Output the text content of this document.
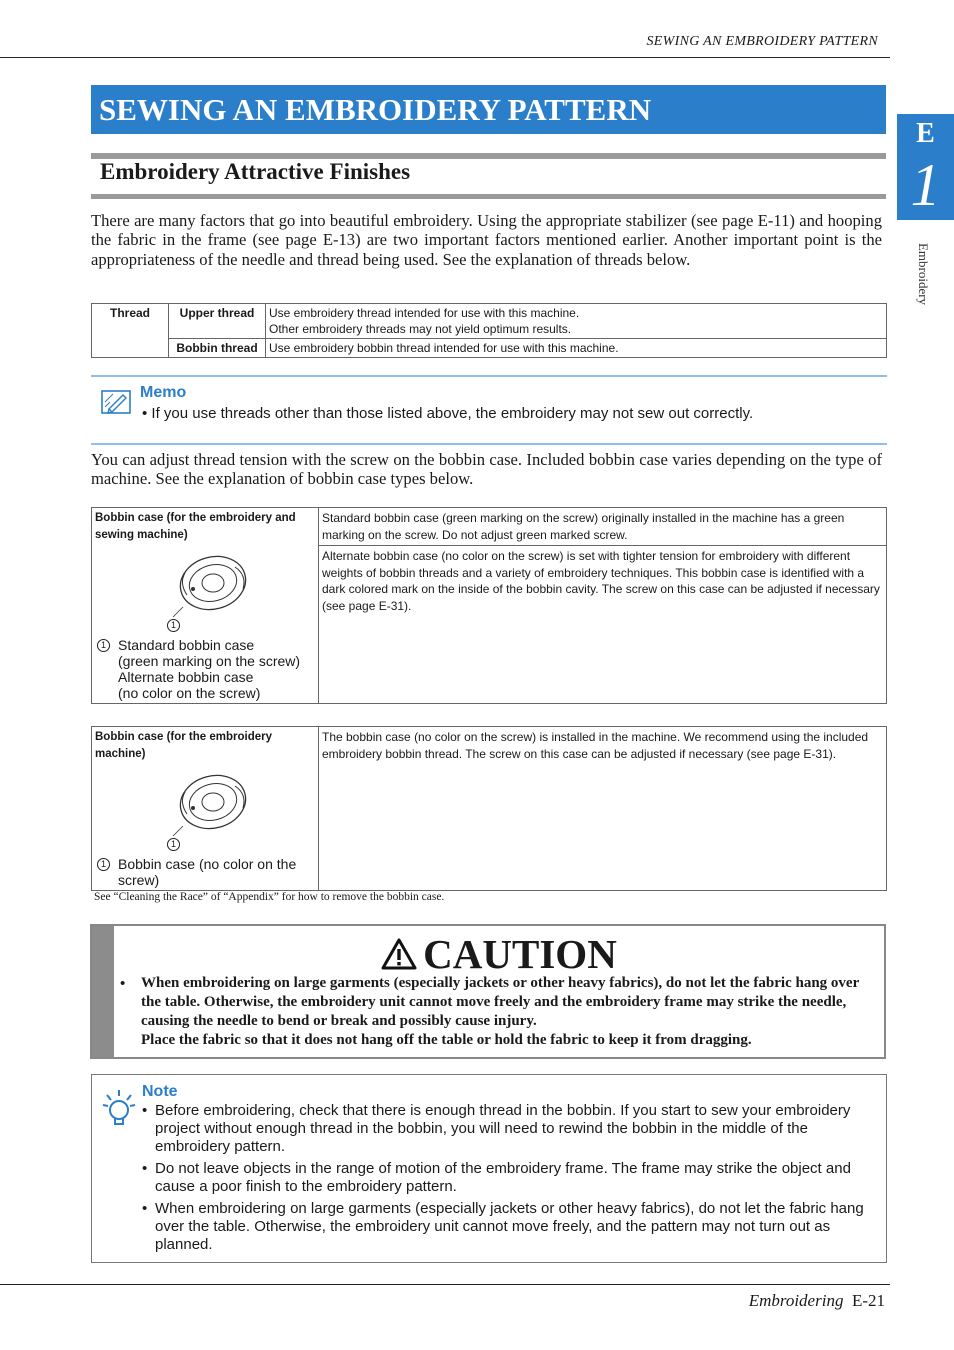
SEWING AN EMBROIDERY PATTERN
E
1
Embroidery
SEWING AN EMBROIDERY PATTERN
Embroidery Attractive Finishes
There are many factors that go into beautiful embroidery. Using the appropriate stabilizer (see page E-11) and hooping the fabric in the frame (see page E-13) are two important factors mentioned earlier. Another important point is the appropriateness of the needle and thread being used. See the explanation of threads below.
Thread	Upper thread	Use embroidery thread intended for use with this machine.
Other embroidery threads may not yield optimum results.

	Bobbin thread	Use embroidery bobbin thread intended for use with this machine.
Memo
• If you use threads other than those listed above, the embroidery may not sew out correctly.
You can adjust thread tension with the screw on the bobbin case. Included bobbin case varies depending on the type of machine. See the explanation of bobbin case types below.
Bobbin case (for the embroidery and sewing machine)
1
1 Standard bobbin case
(green marking on the screw)
Alternate bobbin case
(no color on the screw)
	Standard bobbin case (green marking on the screw) originally installed in the machine has a green marking on the screw. Do not adjust green marked screw.
Alternate bobbin case (no color on the screw) is set with tighter tension for embroidery with different weights of bobbin threads and a variety of embroidery techniques. This bobbin case is identified with a dark colored mark on the inside of the bobbin cavity. The screw on this case can be adjusted if necessary (see page E-31).
Bobbin case (for the embroidery machine)
1
1 Bobbin case (no color on the screw)
	The bobbin case (no color on the screw) is installed in the machine. We recommend using the included embroidery bobbin thread. The screw on this case can be adjusted if necessary (see page E-31).
See “Cleaning the Race” of “Appendix” for how to remove the bobbin case.
CAUTION
• When embroidering on large garments (especially jackets or other heavy fabrics), do not let the fabric hang over the table. Otherwise, the embroidery unit cannot move freely and the embroidery frame may strike the needle, causing the needle to bend or break and possibly cause injury.
Place the fabric so that it does not hang off the table or hold the fabric to keep it from dragging.
Note
• Before embroidering, check that there is enough thread in the bobbin. If you start to sew your embroidery project without enough thread in the bobbin, you will need to rewind the bobbin in the middle of the embroidery pattern.
• Do not leave objects in the range of motion of the embroidery frame. The frame may strike the object and cause a poor finish to the embroidery pattern.
• When embroidering on large garments (especially jackets or other heavy fabrics), do not let the fabric hang over the table. Otherwise, the embroidery unit cannot move freely, and the pattern may not turn out as planned.
Embroidering E-21
